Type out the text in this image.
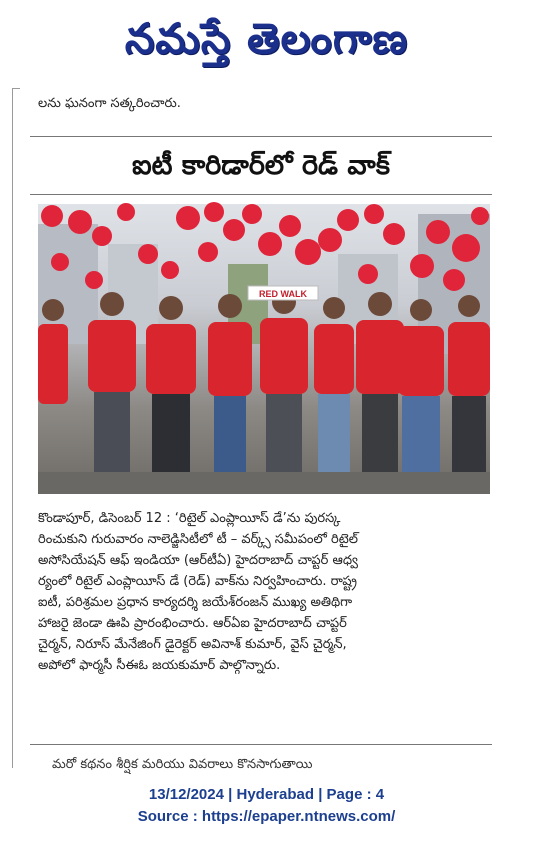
నమస్తే తెలంగాణ
లను ఘనంగా సత్కరించారు.
ఐటీ కారిడార్‌లో రెడ్ వాక్
RED WALK
కొండాపూర్, డిసెంబర్ 12 : ‘రిటైల్ ఎంప్లాయీస్ డే’ను పురస్క
రించుకుని గురువారం నాలెడ్జిసిటీలో టీ – వర్క్స్ సమీపంలో రిటైల్
అసోసియేషన్ ఆఫ్ ఇండియా (ఆర్‌టీఏ) హైదరాబాద్ చాప్టర్ ఆధ్వ
ర్యంలో రిటైల్ ఎంప్లాయీస్ డే (రెడ్) వాక్‌ను నిర్వహించారు. రాష్ట్ర
ఐటీ, పరిశ్రమల ప్రధాన కార్యదర్శి జయేశ్‌రంజన్ ముఖ్య అతిథిగా
హాజరై జెండా ఊపి ప్రారంభించారు. ఆర్‌ఏఐ హైదరాబాద్ చాప్టర్
చైర్మన్, నిరూస్ మేనేజింగ్ డైరెక్టర్ అవినాశ్ కుమార్, వైస్ చైర్మన్,
అపోలో ఫార్మసీ సీఈఓ జయకుమార్ పాల్గొన్నారు.
మరో కథనం శీర్షిక మరియు వివరాలు కొనసాగుతాయి
13/12/2024 | Hyderabad | Page : 4
Source : https://epaper.ntnews.com/
